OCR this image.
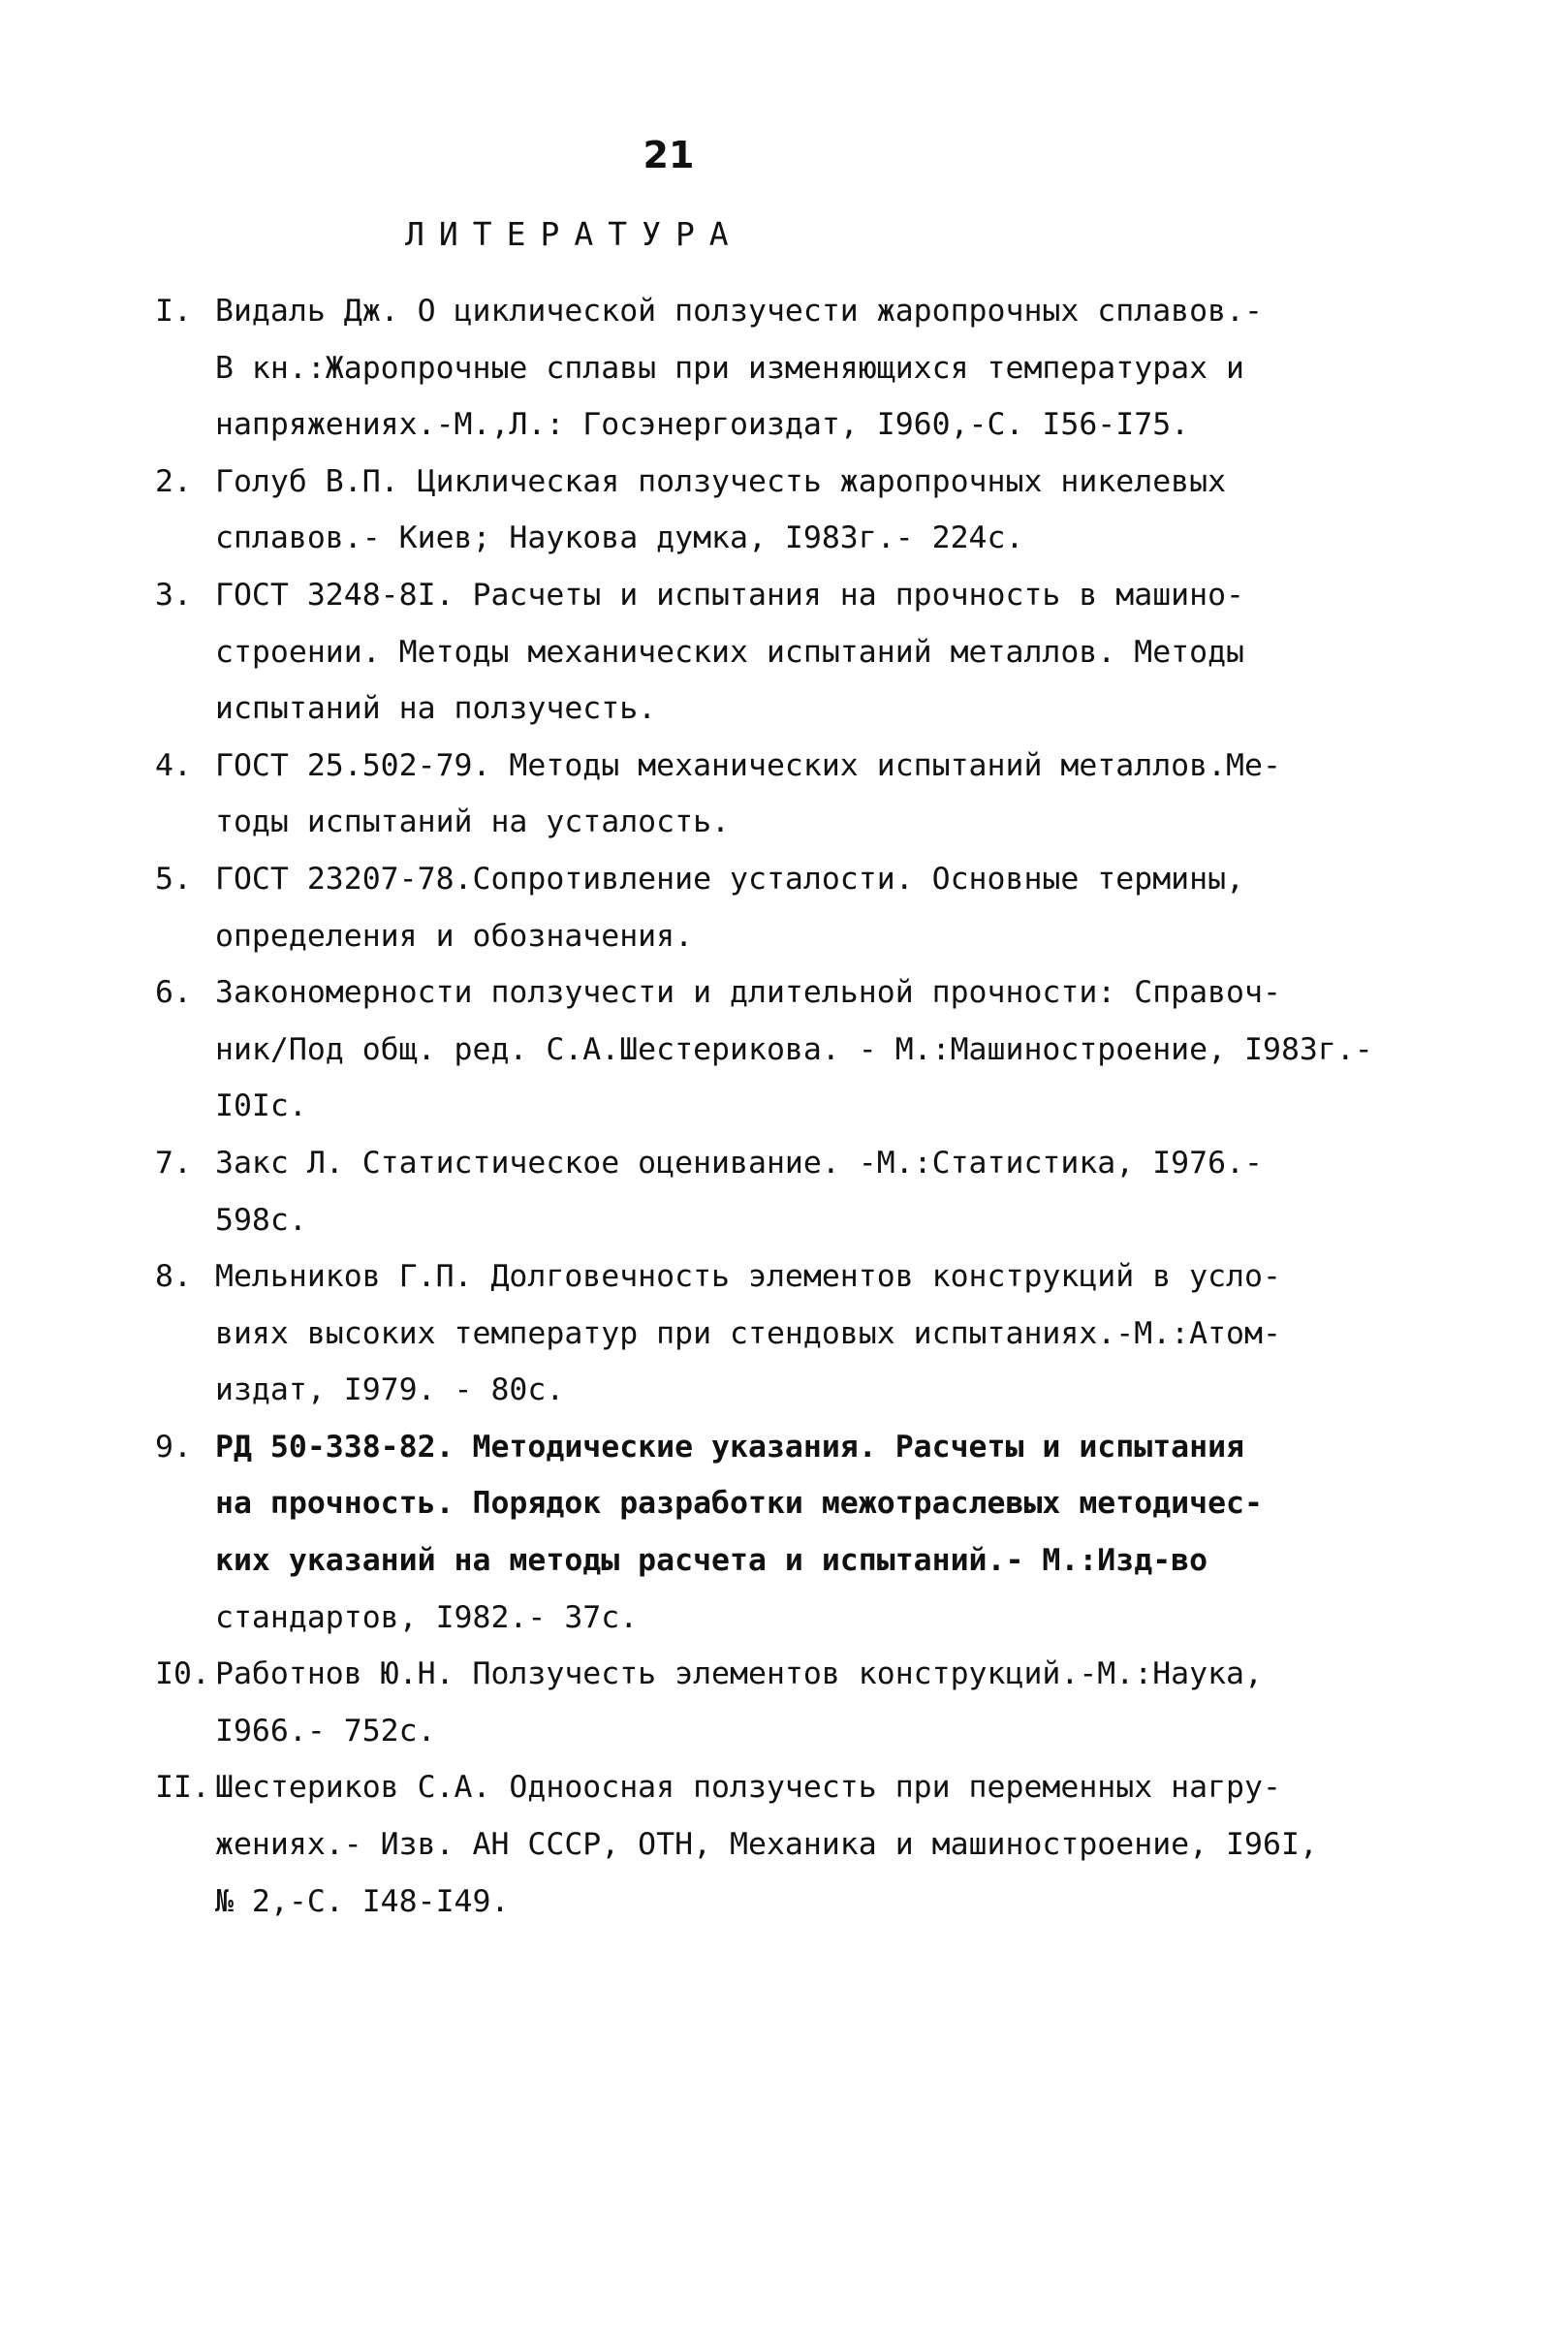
21
ЛИТЕРАТУРА
I. Видаль Дж. О циклической ползучести жаропрочных сплавов.-
В кн.:Жаропрочные сплавы при изменяющихся температурах и
напряжениях.-М.,Л.: Госэнергоиздат, I960,-С. I56-I75.
2. Голуб В.П. Циклическая ползучесть жаропрочных никелевых
сплавов.- Киев; Наукова думка, I983г.- 224с.
3. ГОСТ 3248-8I. Расчеты и испытания на прочность в машино-
строении. Методы механических испытаний металлов. Методы
испытаний на ползучесть.
4. ГОСТ 25.502-79. Методы механических испытаний металлов.Ме-
тоды испытаний на усталость.
5. ГОСТ 23207-78.Сопротивление усталости. Основные термины,
определения и обозначения.
6. Закономерности ползучести и длительной прочности: Справоч-
ник/Под общ. ред. С.А.Шестерикова. - М.:Машиностроение, I983г.-
I0Iс.
7. Закс Л. Статистическое оценивание. -М.:Статистика, I976.-
598с.
8. Мельников Г.П. Долговечность элементов конструкций в усло-
виях высоких температур при стендовых испытаниях.-М.:Атом-
издат, I979. - 80с.
9. РД 50-338-82. Методические указания. Расчеты и испытания
на прочность. Порядок разработки межотраслевых методичес-
ких указаний на методы расчета и испытаний.- М.:Изд-во
стандартов, I982.- 37с.
I0. Работнов Ю.Н. Ползучесть элементов конструкций.-М.:Наука,
I966.- 752с.
II. Шестериков С.А. Одноосная ползучесть при переменных нагру-
жениях.- Изв. АН СССР, ОТН, Механика и машиностроение, I96I,
№ 2,-С. I48-I49.
